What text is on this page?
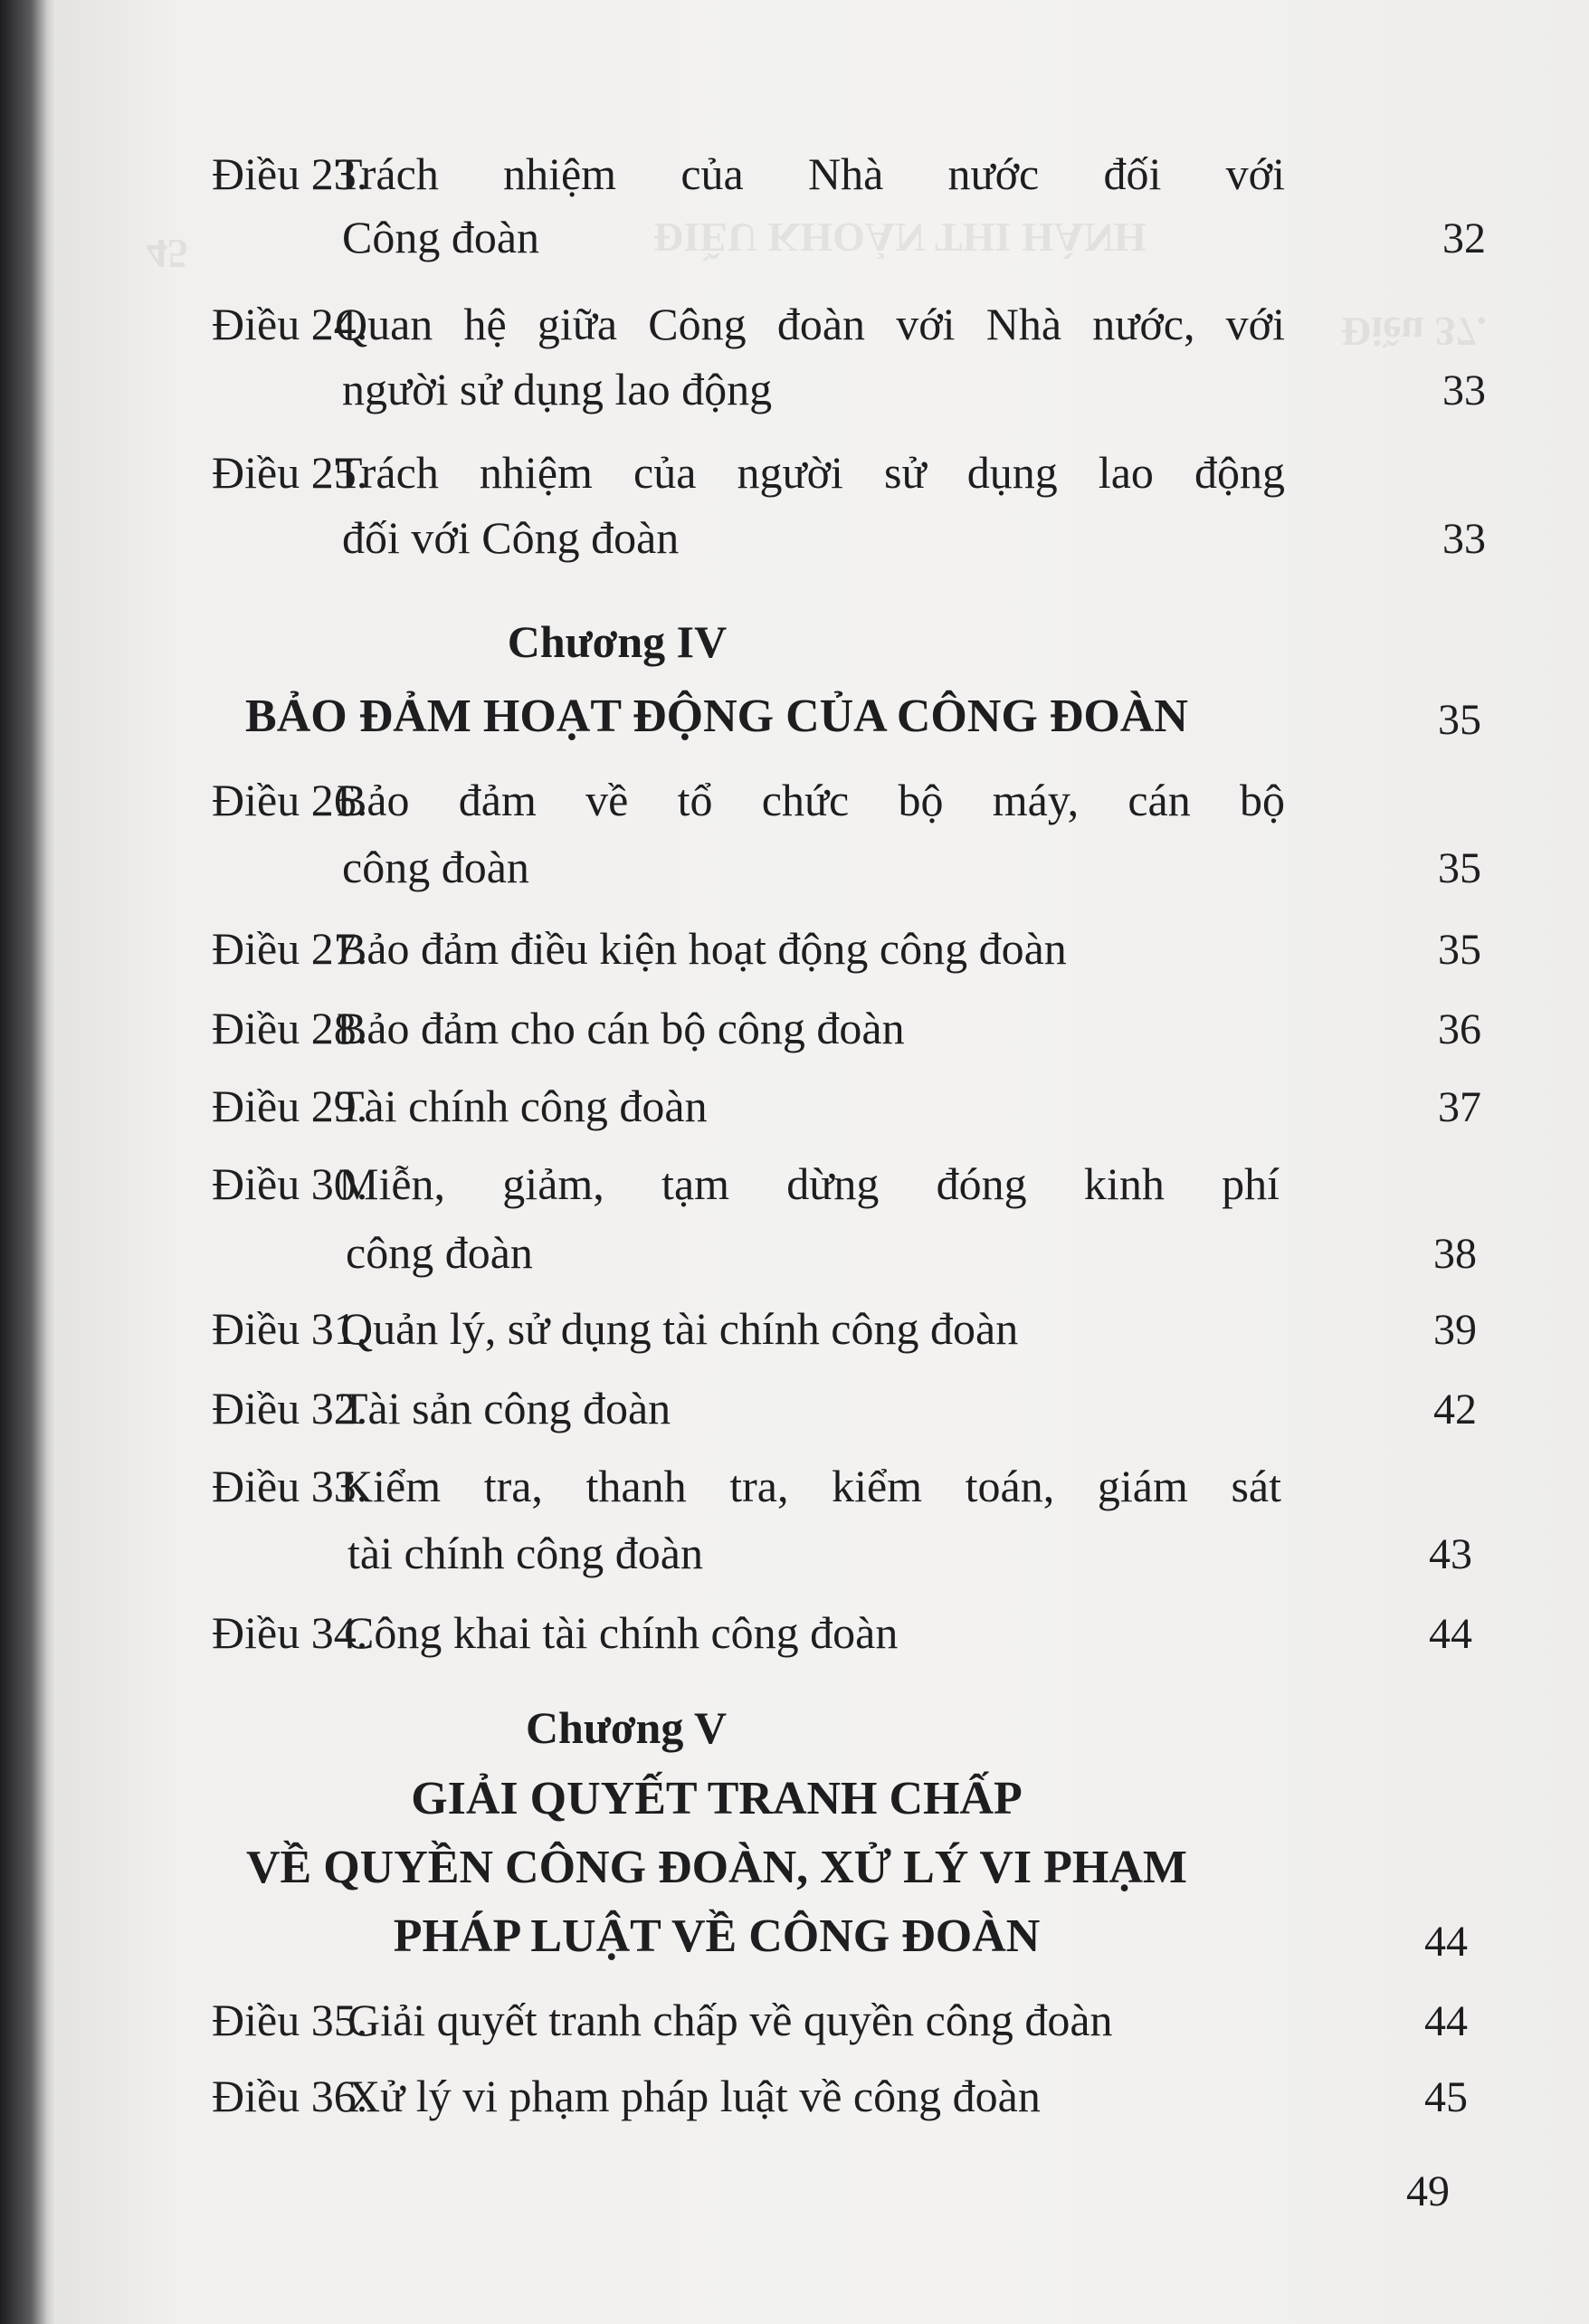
ĐIỀU KHOẢN THI HÀNH
45
Điều 37.
Điều 23.
Trách nhiệm của Nhà nước đối với
Công đoàn	32
Điều 24.
Quan hệ giữa Công đoàn với Nhà nước, với
người sử dụng lao động	33
Điều 25.
Trách nhiệm của người sử dụng lao động
đối với Công đoàn	33
Chương IV
BẢO ĐẢM HOẠT ĐỘNG CỦA CÔNG ĐOÀN	35
Điều 26.
Bảo đảm về tổ chức bộ máy, cán bộ
công đoàn	35
Điều 27.
Bảo đảm điều kiện hoạt động công đoàn	35
Điều 28.
Bảo đảm cho cán bộ công đoàn	36
Điều 29.
Tài chính công đoàn	37
Điều 30.
Miễn, giảm, tạm dừng đóng kinh phí
công đoàn	38
Điều 31.
Quản lý, sử dụng tài chính công đoàn	39
Điều 32.
Tài sản công đoàn	42
Điều 33.
Kiểm tra, thanh tra, kiểm toán, giám sát
tài chính công đoàn	43
Điều 34.
Công khai tài chính công đoàn	44
Chương V
GIẢI QUYẾT TRANH CHẤP
VỀ QUYỀN CÔNG ĐOÀN, XỬ LÝ VI PHẠM
PHÁP LUẬT VỀ CÔNG ĐOÀN	44
Điều 35.
Giải quyết tranh chấp về quyền công đoàn	44
Điều 36.
Xử lý vi phạm pháp luật về công đoàn	45
49
